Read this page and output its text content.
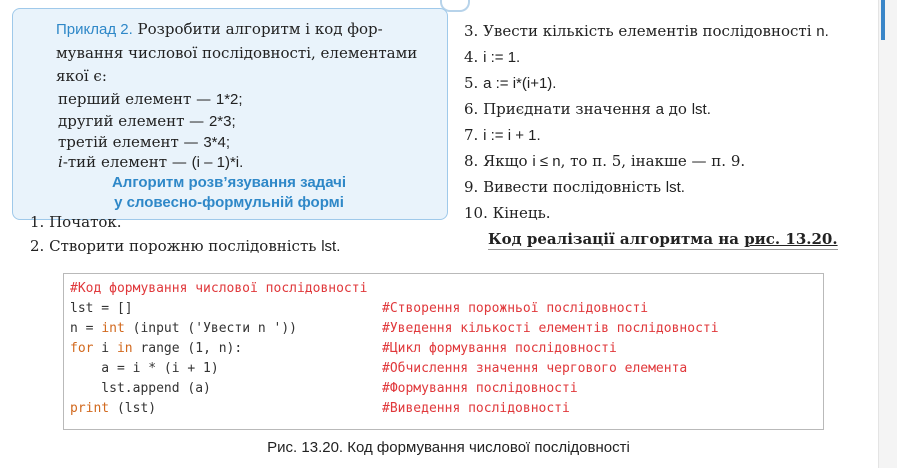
Приклад 2. Розробити алгоритм і код фор-
мування числової послідовності, елементами
якої є:
перший елемент — 1*2;
другий елемент — 2*3;
третій елемент — 3*4;
і-тий елемент — (і – 1)*і.
Алгоритм розв’язування задачі
у словесно-формульній формі
1. Початок.
2. Створити порожню послідовність lst.
3. Увести кількість елементів послідовності n.
4. i := 1.
5. a := i*(i+1).
6. Приєднати значення a до lst.
7. i := i + 1.
8. Якщо i ≤ n, то п. 5, інакше — п. 9.
9. Вивести послідовність lst.
10. Кінець.
Код реалізації алгоритма на рис. 13.20.
#Код формування числової послідовності
lst = []	#Створення порожньої послідовності
n = int (input ('Увести n '))	#Уведення кількості елементів послідовності
for i in range (1, n):	#Цикл формування послідовності
a = i * (i + 1)	#Обчислення значення чергового елемента
lst.append (a)	#Формування послідовності
print (lst)	#Виведення послідовності
Рис. 13.20. Код формування числової послідовності
